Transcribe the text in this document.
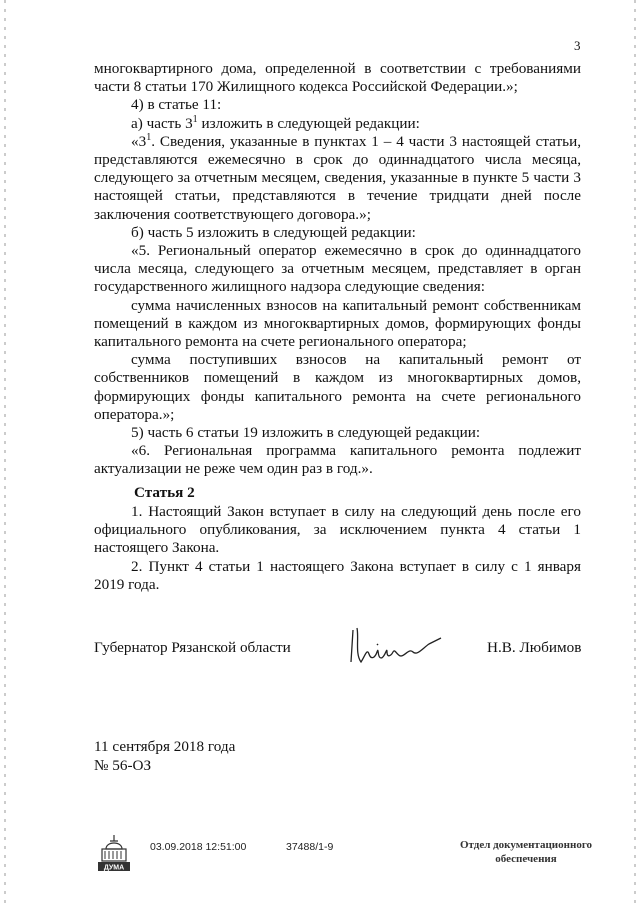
3

многоквартирного дома, определенной в соответствии с требованиями

части 8 статьи 170 Жилищного кодекса Российской Федерации.»;

4) в статье 11:

а) часть $3^1$ изложить в следующей редакции:

«$3^1$. Сведения, указанные в пунктах 1 – 4 части 3 настоящей статьи, представляются ежемесячно в срок до одиннадцатого числа месяца, следующего за отчетным месяцем, сведения, указанные в пункте 5 части 3 настоящей статьи, представляются в течение тридцати дней после заключения соответствующего договора.»;

б) часть 5 изложить в следующей редакции:

«5. Региональный оператор ежемесячно в срок до одиннадцатого числа месяца, следующего за отчетным месяцем, представляет в орган государственного жилищного надзора следующие сведения:

сумма начисленных взносов на капитальный ремонт собственникам помещений в каждом из многоквартирных домов, формирующих фонды капитального ремонта на счете регионального оператора;

сумма поступивших взносов на капитальный ремонт от собственников помещений в каждом из многоквартирных домов, формирующих фонды капитального ремонта на счете регионального оператора.»;

5) часть 6 статьи 19 изложить в следующей редакции:

«6. Региональная программа капитального ремонта подлежит актуализации не реже чем один раз в год.».

Статья 2

1. Настоящий Закон вступает в силу на следующий день после его официального опубликования, за исключением пункта 4 статьи 1 настоящего Закона.

2. Пункт 4 статьи 1 настоящего Закона вступает в силу с 1 января 2019 года.

Губернатор Рязанской области	Н.В. Любимов
11 сентября 2018 года
№ 56-ОЗ
ДУМА
03.09.2018 12:51:00	37488/1-9	Отдел документационного обеспечения
